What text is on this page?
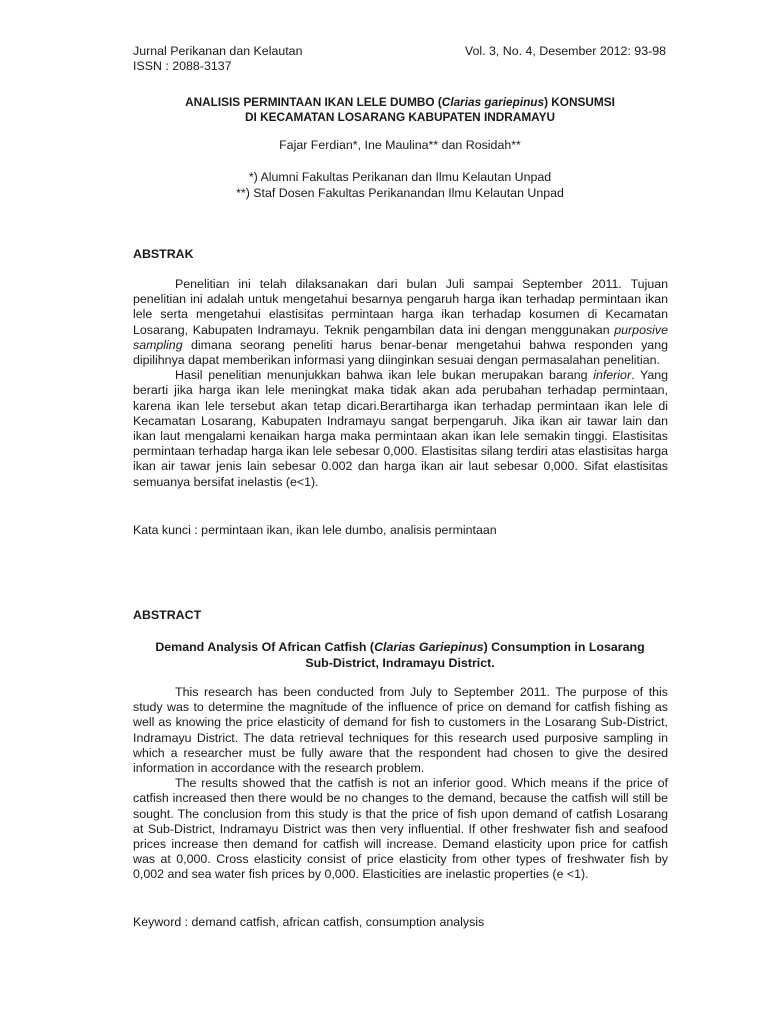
Jurnal Perikanan dan Kelautan	Vol. 3, No. 4, Desember 2012: 93-98
ISSN : 2088-3137
ANALISIS PERMINTAAN IKAN LELE DUMBO (Clarias gariepinus) KONSUMSI
DI KECAMATAN LOSARANG KABUPATEN INDRAMAYU
Fajar Ferdian*, Ine Maulina** dan Rosidah**
*) Alumni Fakultas Perikanan dan Ilmu Kelautan Unpad
**) Staf Dosen Fakultas Perikanandan Ilmu Kelautan Unpad
ABSTRAK

Penelitian ini telah dilaksanakan dari bulan Juli sampai September 2011. Tujuan penelitian ini adalah untuk mengetahui besarnya pengaruh harga ikan terhadap permintaan ikan lele serta mengetahui elastisitas permintaan harga ikan terhadap kosumen di Kecamatan Losarang, Kabupaten Indramayu. Teknik pengambilan data ini dengan menggunakan purposive sampling dimana seorang peneliti harus benar-benar mengetahui bahwa responden yang dipilihnya dapat memberikan informasi yang diinginkan sesuai dengan permasalahan penelitian.

Hasil penelitian menunjukkan bahwa ikan lele bukan merupakan barang inferior. Yang berarti jika harga ikan lele meningkat maka tidak akan ada perubahan terhadap permintaan, karena ikan lele tersebut akan tetap dicari.Berartiharga ikan terhadap permintaan ikan lele di Kecamatan Losarang, Kabupaten Indramayu sangat berpengaruh. Jika ikan air tawar lain dan ikan laut mengalami kenaikan harga maka permintaan akan ikan lele semakin tinggi. Elastisitas permintaan terhadap harga ikan lele sebesar 0,000. Elastisitas silang terdiri atas elastisitas harga ikan air tawar jenis lain sebesar 0.002 dan harga ikan air laut sebesar 0,000. Sifat elastisitas semuanya bersifat inelastis (e<1).

Kata kunci : permintaan ikan, ikan lele dumbo, analisis permintaan
ABSTRACT
Demand Analysis Of African Catfish (Clarias Gariepinus) Consumption in Losarang
Sub-District, Indramayu District.

This research has been conducted from July to September 2011. The purpose of this study was to determine the magnitude of the influence of price on demand for catfish fishing as well as knowing the price elasticity of demand for fish to customers in the Losarang Sub-District, Indramayu District. The data retrieval techniques for this research used purposive sampling in which a researcher must be fully aware that the respondent had chosen to give the desired information in accordance with the research problem.

The results showed that the catfish is not an inferior good. Which means if the price of catfish increased then there would be no changes to the demand, because the catfish will still be sought. The conclusion from this study is that the price of fish upon demand of catfish Losarang at Sub-District, Indramayu District was then very influential. If other freshwater fish and seafood prices increase then demand for catfish will increase. Demand elasticity upon price for catfish was at 0,000. Cross elasticity consist of price elasticity from other types of freshwater fish by 0,002 and sea water fish prices by 0,000. Elasticities are inelastic properties (e <1).

Keyword : demand catfish, african catfish, consumption analysis
